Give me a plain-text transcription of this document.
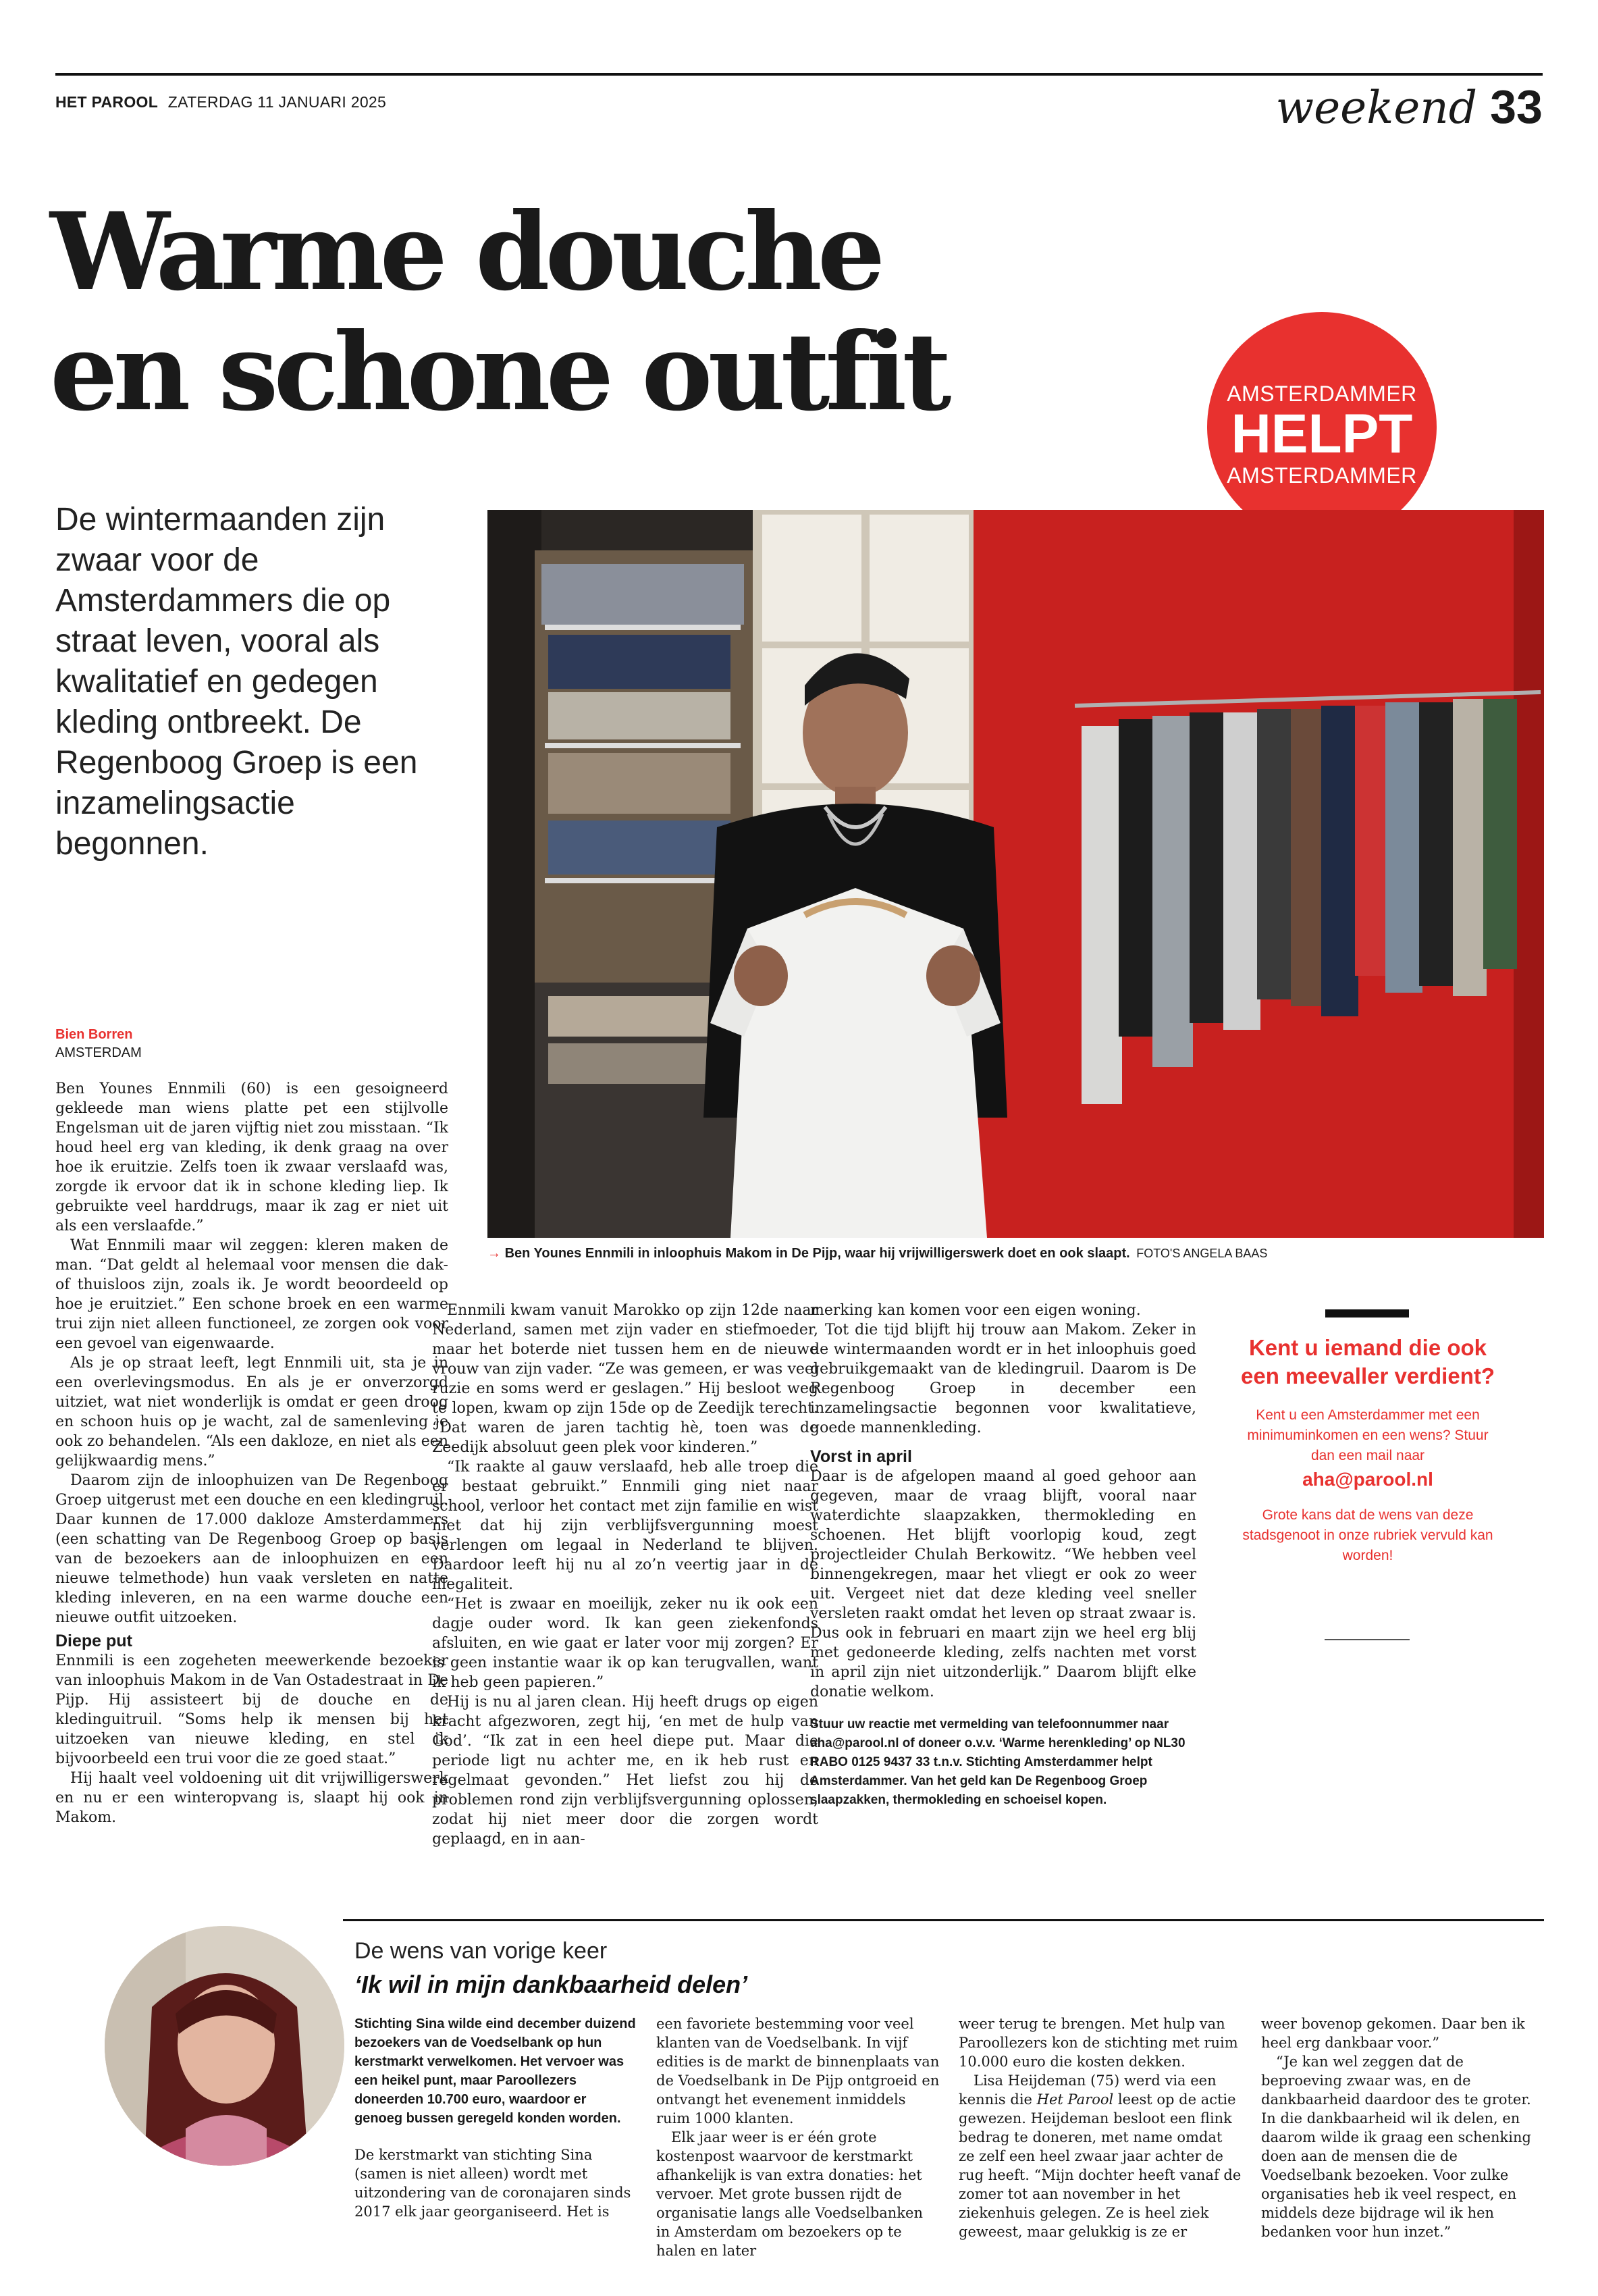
HET PAROOL ZATERDAG 11 JANUARI 2025	weekend 33
Warme douche
en schone outfit	AMSTERDAMMER
HELPT
AMSTERDAMMER
De wintermaanden zijn zwaar voor de Amsterdammers die op straat leven, vooral als kwalitatief en gedegen kleding ontbreekt. De Regenboog Groep is een inzamelingsactie begonnen.
→ Ben Younes Ennmili in inloophuis Makom in De Pijp, waar hij vrijwilligerswerk doet en ook slaapt. FOTO'S ANGELA BAAS
Bien Borren
AMSTERDAM

Ben Younes Ennmili (60) is een gesoigneerd gekleede man wiens platte pet een stijlvolle Engelsman uit de jaren vijftig niet zou misstaan. “Ik houd heel erg van kleding, ik denk graag na over hoe ik eruitzie. Zelfs toen ik zwaar verslaafd was, zorgde ik ervoor dat ik in schone kleding liep. Ik gebruikte veel harddrugs, maar ik zag er niet uit als een verslaafde.”

Wat Ennmili maar wil zeggen: kleren maken de man. “Dat geldt al helemaal voor mensen die dak- of thuisloos zijn, zoals ik. Je wordt beoordeeld op hoe je eruitziet.” Een schone broek en een warme trui zijn niet alleen functioneel, ze zorgen ook voor een gevoel van eigenwaarde.

Als je op straat leeft, legt Ennmili uit, sta je in een overlevingsmodus. En als je er onverzorgd uitziet, wat niet wonderlijk is omdat er geen droog en schoon huis op je wacht, zal de samenleving je ook zo behandelen. “Als een dakloze, en niet als een gelijkwaardig mens.”

Daarom zijn de inloophuizen van De Regenboog Groep uitgerust met een douche en een kledingruil. Daar kunnen de 17.000 dakloze Amsterdammers (een schatting van De Regenboog Groep op basis van de bezoekers aan de inloophuizen en een nieuwe telmethode) hun vaak versleten en natte kleding inleveren, en na een warme douche een nieuwe outfit uitzoeken.

Diepe put

Ennmili is een zogeheten meewerkende bezoeker van inloophuis Makom in de Van Ostadestraat in De Pijp. Hij assisteert bij de douche en de kledinguitruil. “Soms help ik mensen bij het uitzoeken van nieuwe kleding, en stel ik bijvoorbeeld een trui voor die ze goed staat.”

Hij haalt veel voldoening uit dit vrijwilligerswerk en nu er een winteropvang is, slaapt hij ook in Makom.

Ennmili kwam vanuit Marokko op zijn 12de naar Nederland, samen met zijn vader en stiefmoeder, maar het boterde niet tussen hem en de nieuwe vrouw van zijn vader. “Ze was gemeen, er was veel ruzie en soms werd er geslagen.” Hij besloot weg te lopen, kwam op zijn 15de op de Zeedijk terecht. “Dat waren de jaren tachtig hè, toen was de Zeedijk absoluut geen plek voor kinderen.”

“Ik raakte al gauw verslaafd, heb alle troep die er bestaat gebruikt.” Ennmili ging niet naar school, verloor het contact met zijn familie en wist niet dat hij zijn verblijfsvergunning moest verlengen om legaal in Nederland te blijven. Daardoor leeft hij nu al zo’n veertig jaar in de illegaliteit.

“Het is zwaar en moeilijk, zeker nu ik ook een dagje ouder word. Ik kan geen ziekenfonds afsluiten, en wie gaat er later voor mij zorgen? Er is geen instantie waar ik op kan terugvallen, want ik heb geen papieren.”

Hij is nu al jaren clean. Hij heeft drugs op eigen kracht afgezworen, zegt hij, ‘en met de hulp van God’. “Ik zat in een heel diepe put. Maar die periode ligt nu achter me, en ik heb rust en regelmaat gevonden.” Het liefst zou hij de problemen rond zijn verblijfsvergunning oplossen, zodat hij niet meer door die zorgen wordt geplaagd, en in aan-

merking kan komen voor een eigen woning.

Tot die tijd blijft hij trouw aan Makom. Zeker in de wintermaanden wordt er in het inloophuis goed gebruikgemaakt van de kledingruil. Daarom is De Regenboog Groep in december een inzamelingsactie begonnen voor kwalitatieve, goede mannenkleding.

Vorst in april

Daar is de afgelopen maand al goed gehoor aan gegeven, maar de vraag blijft, vooral naar waterdichte slaapzakken, thermokleding en schoenen. Het blijft voorlopig koud, zegt projectleider Chulah Berkowitz. “We hebben veel binnengekregen, maar het vliegt er ook zo weer uit. Vergeet niet dat deze kleding veel sneller versleten raakt omdat het leven op straat zwaar is. Dus ook in februari en maart zijn we heel erg blij met gedoneerde kleding, zelfs nachten met vorst in april zijn niet uitzonderlijk.” Daarom blijft elke donatie welkom.

Stuur uw reactie met vermelding van telefoonnummer naar aha@parool.nl of doneer o.v.v. ‘Warme herenkleding’ op NL30 RABO 0125 9437 33 t.n.v. Stichting Amsterdammer helpt Amsterdammer. Van het geld kan De Regenboog Groep slaapzakken, thermokleding en schoeisel kopen.
Kent u iemand die ook een meevaller verdient?
Kent u een Amsterdammer met een minimuminkomen en een wens? Stuur dan een mail naar
aha@parool.nl
Grote kans dat de wens van deze stadsgenoot in onze rubriek vervuld kan worden!
De wens van vorige keer
‘Ik wil in mijn dankbaarheid delen’
Stichting Sina wilde eind december duizend bezoekers van de Voedselbank op hun kerstmarkt verwelkomen. Het vervoer was een heikel punt, maar Paroollezers doneerden 10.700 euro, waardoor er genoeg bussen geregeld konden worden.

De kerstmarkt van stichting Sina (samen is niet alleen) wordt met uitzondering van de coronajaren sinds 2017 elk jaar georganiseerd. Het is

een favoriete bestemming voor veel klanten van de Voedselbank. In vijf edities is de markt de binnenplaats van de Voedselbank in De Pijp ontgroeid en ontvangt het evenement inmiddels ruim 1000 klanten.

Elk jaar weer is er één grote kostenpost waarvoor de kerstmarkt afhankelijk is van extra donaties: het vervoer. Met grote bussen rijdt de organisatie langs alle Voedselbanken in Amsterdam om bezoekers op te halen en later

weer terug te brengen. Met hulp van Paroollezers kon de stichting met ruim 10.000 euro die kosten dekken.

Lisa Heijdeman (75) werd via een kennis die Het Parool leest op de actie gewezen. Heijdeman besloot een flink bedrag te doneren, met name omdat ze zelf een heel zwaar jaar achter de rug heeft. “Mijn dochter heeft vanaf de zomer tot aan november in het ziekenhuis gelegen. Ze is heel ziek geweest, maar gelukkig is ze er

weer bovenop gekomen. Daar ben ik heel erg dankbaar voor.”

“Je kan wel zeggen dat de beproeving zwaar was, en de dankbaarheid daardoor des te groter. In die dankbaarheid wil ik delen, en daarom wilde ik graag een schenking doen aan de mensen die de Voedselbank bezoeken. Voor zulke organisaties heb ik veel respect, en middels deze bijdrage wil ik hen bedanken voor hun inzet.”
